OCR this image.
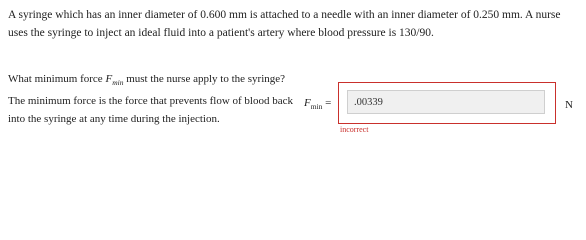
A syringe which has an inner diameter of 0.600 mm is attached to a needle with an inner diameter of 0.250 mm. A nurse uses the syringe to inject an ideal fluid into a patient's artery where blood pressure is 130/90.

What minimum force $F_{min}$ must the nurse apply to the syringe? The minimum force is the force that prevents flow of blood back into the syringe at any time during the injection.

$F_{min}$ =
.00339	N
incorrect
